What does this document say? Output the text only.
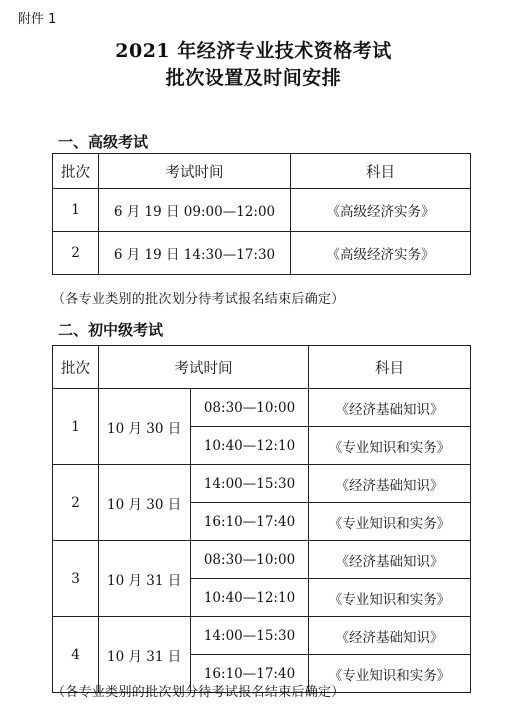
附件 1
2021 年经济专业技术资格考试
批次设置及时间安排
一、高级考试
批次	考试时间	科目
1	6 月 19 日 09:00—12:00	《高级经济实务》
2	6 月 19 日 14:30—17:30	《高级经济实务》
（各专业类别的批次划分待考试报名结束后确定）
二、初中级考试
批次	考试时间		科目
1	10 月 30 日	08:30—10:00	《经济基础知识》
		10:40—12:10	《专业知识和实务》
2	10 月 30 日	14:00—15:30	《经济基础知识》
		16:10—17:40	《专业知识和实务》
3	10 月 31 日	08:30—10:00	《经济基础知识》
		10:40—12:10	《专业知识和实务》
4	10 月 31 日	14:00—15:30	《经济基础知识》
		16:10—17:40	《专业知识和实务》
（各专业类别的批次划分待考试报名结束后确定）
